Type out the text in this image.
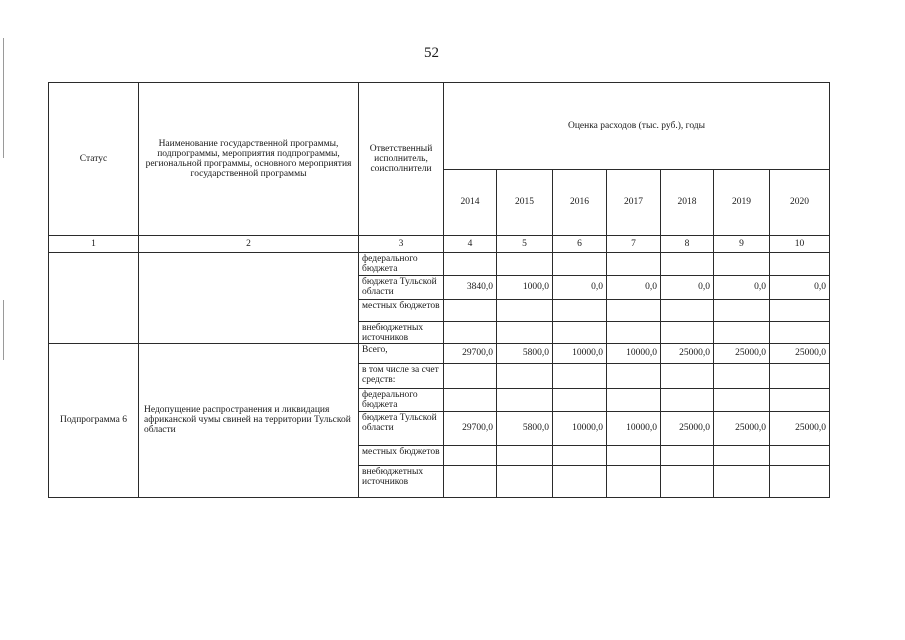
52
Статус	Наименование государственной программы, подпрограммы, мероприятия подпрограммы, региональной программы, основного мероприятия государственной программы	Ответственный исполнитель, соисполнители	Оценка расходов (тыс. руб.), годы						
			2014	2015	2016	2017	2018	2019	2020
1	2	3	4	5	6	7	8	9	10
		федерального бюджета							
		бюджета Тульской области	3840,0	1000,0	0,0	0,0	0,0	0,0	0,0
		местных бюджетов							
		внебюджетных источников							
Подпрограмма 6	Недопущение распространения и ликвидация африканской чумы свиней на территории Тульской области	Всего,	29700,0	5800,0	10000,0	10000,0	25000,0	25000,0	25000,0
		в том числе за счет средств:							
		федерального бюджета							
		бюджета Тульской области	29700,0	5800,0	10000,0	10000,0	25000,0	25000,0	25000,0
		местных бюджетов							
		внебюджетных источников							
